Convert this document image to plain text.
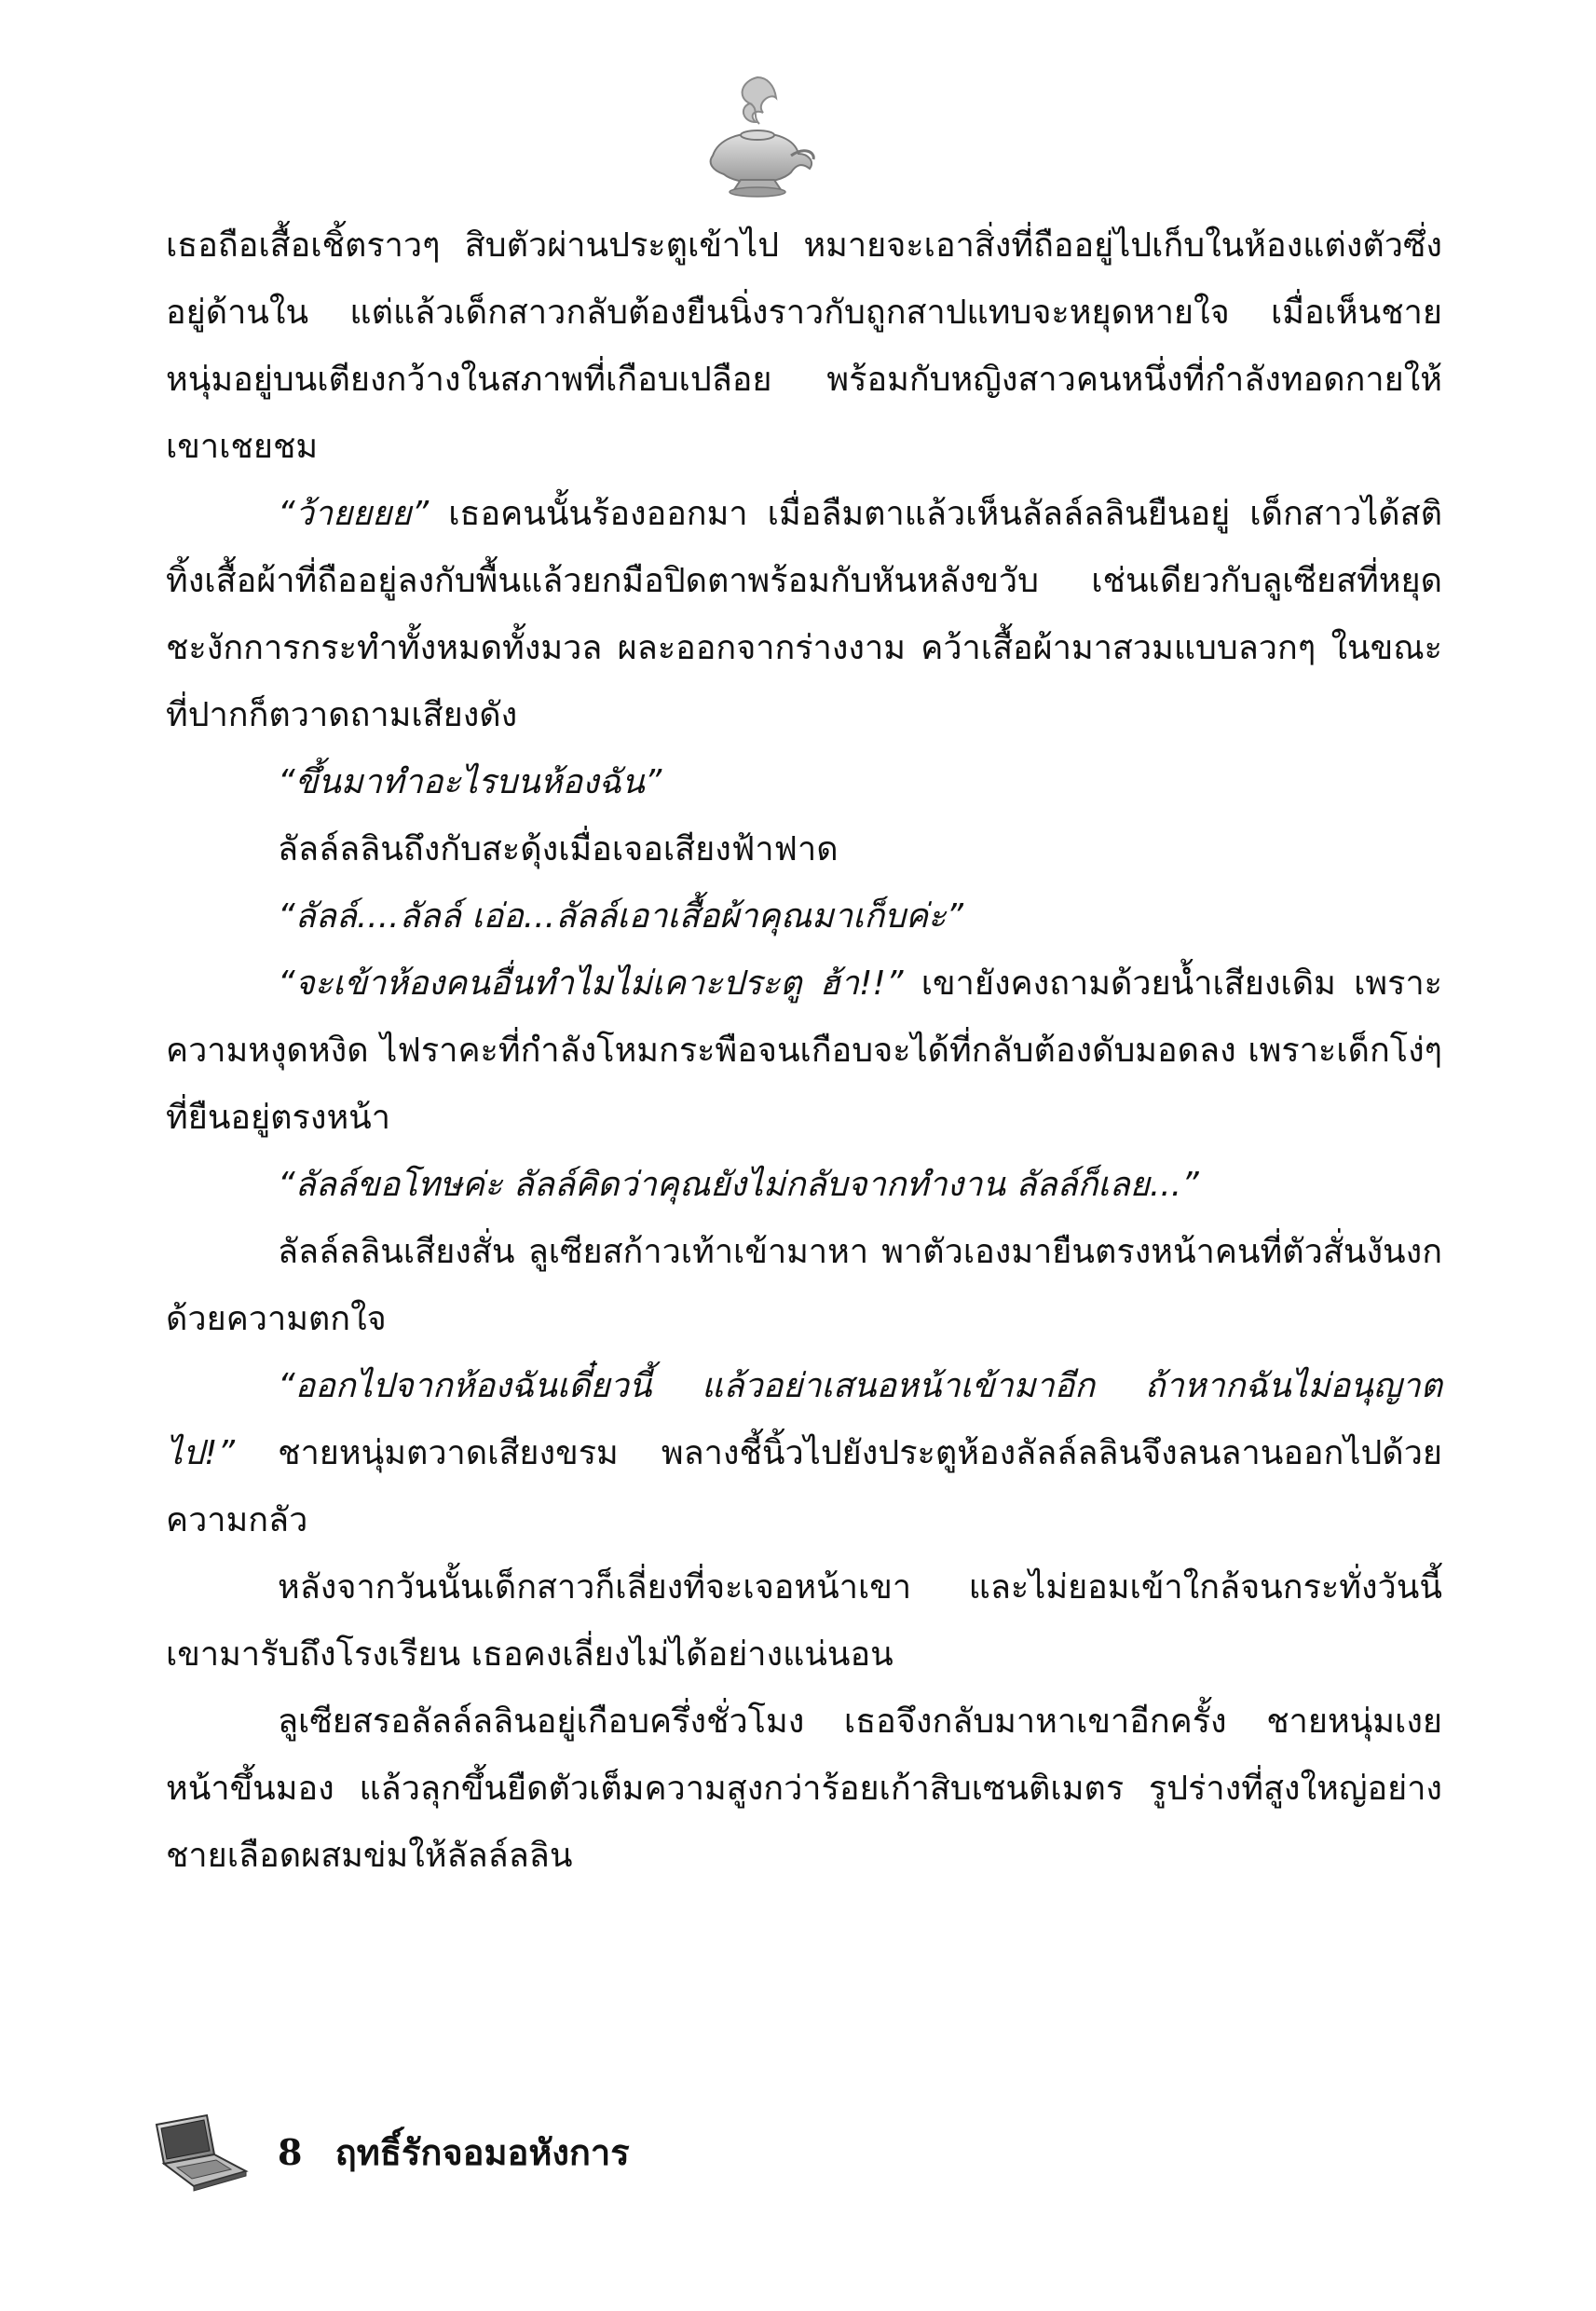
เธอถือเสื้อเชิ้ตราวๆ สิบตัวผ่านประตูเข้าไป หมายจะเอาสิ่งที่ถืออยู่ไปเก็บในห้องแต่งตัวซึ่งอยู่ด้านใน แต่แล้วเด็กสาวกลับต้องยืนนิ่งราวกับถูกสาปแทบจะหยุดหายใจ เมื่อเห็นชายหนุ่มอยู่บนเตียงกว้างในสภาพที่เกือบเปลือย พร้อมกับหญิงสาวคนหนึ่งที่กำลังทอดกายให้เขาเชยชม

“ว้ายยยย” เธอคนนั้นร้องออกมา เมื่อลืมตาแล้วเห็นลัลล์ลลินยืนอยู่ เด็กสาวได้สติ ทิ้งเสื้อผ้าที่ถืออยู่ลงกับพื้นแล้วยกมือปิดตาพร้อมกับหันหลังขวับ เช่นเดียวกับลูเซียสที่หยุดชะงักการกระทำทั้งหมดทั้งมวล ผละออกจากร่างงาม คว้าเสื้อผ้ามาสวมแบบลวกๆ ในขณะที่ปากก็ตวาดถามเสียงดัง

“ขึ้นมาทำอะไรบนห้องฉัน”

ลัลล์ลลินถึงกับสะดุ้งเมื่อเจอเสียงฟ้าฟาด

“ลัลล์....ลัลล์ เอ่อ...ลัลล์เอาเสื้อผ้าคุณมาเก็บค่ะ”

“จะเข้าห้องคนอื่นทำไมไม่เคาะประตู ฮ้า!!” เขายังคงถามด้วยน้ำเสียงเดิม เพราะความหงุดหงิด ไฟราคะที่กำลังโหมกระพือจนเกือบจะได้ที่กลับต้องดับมอดลง เพราะเด็กโง่ๆ ที่ยืนอยู่ตรงหน้า

“ลัลล์ขอโทษค่ะ ลัลล์คิดว่าคุณยังไม่กลับจากทำงาน ลัลล์ก็เลย...”

ลัลล์ลลินเสียงสั่น ลูเซียสก้าวเท้าเข้ามาหา พาตัวเองมายืนตรงหน้าคนที่ตัวสั่นงันงกด้วยความตกใจ

“ออกไปจากห้องฉันเดี๋ยวนี้ แล้วอย่าเสนอหน้าเข้ามาอีก ถ้าหากฉันไม่อนุญาต ไป!” ชายหนุ่มตวาดเสียงขรม พลางชี้นิ้วไปยังประตูห้องลัลล์ลลินจึงลนลานออกไปด้วยความกลัว

หลังจากวันนั้นเด็กสาวก็เลี่ยงที่จะเจอหน้าเขา และไม่ยอมเข้าใกล้จนกระทั่งวันนี้เขามารับถึงโรงเรียน เธอคงเลี่ยงไม่ได้อย่างแน่นอน

ลูเซียสรอลัลล์ลลินอยู่เกือบครึ่งชั่วโมง เธอจึงกลับมาหาเขาอีกครั้ง ชายหนุ่มเงยหน้าขึ้นมอง แล้วลุกขึ้นยืดตัวเต็มความสูงกว่าร้อยเก้าสิบเซนติเมตร รูปร่างที่สูงใหญ่อย่างชายเลือดผสมข่มให้ลัลล์ลลิน

8 ฤทธิ์รักจอมอหังการ
